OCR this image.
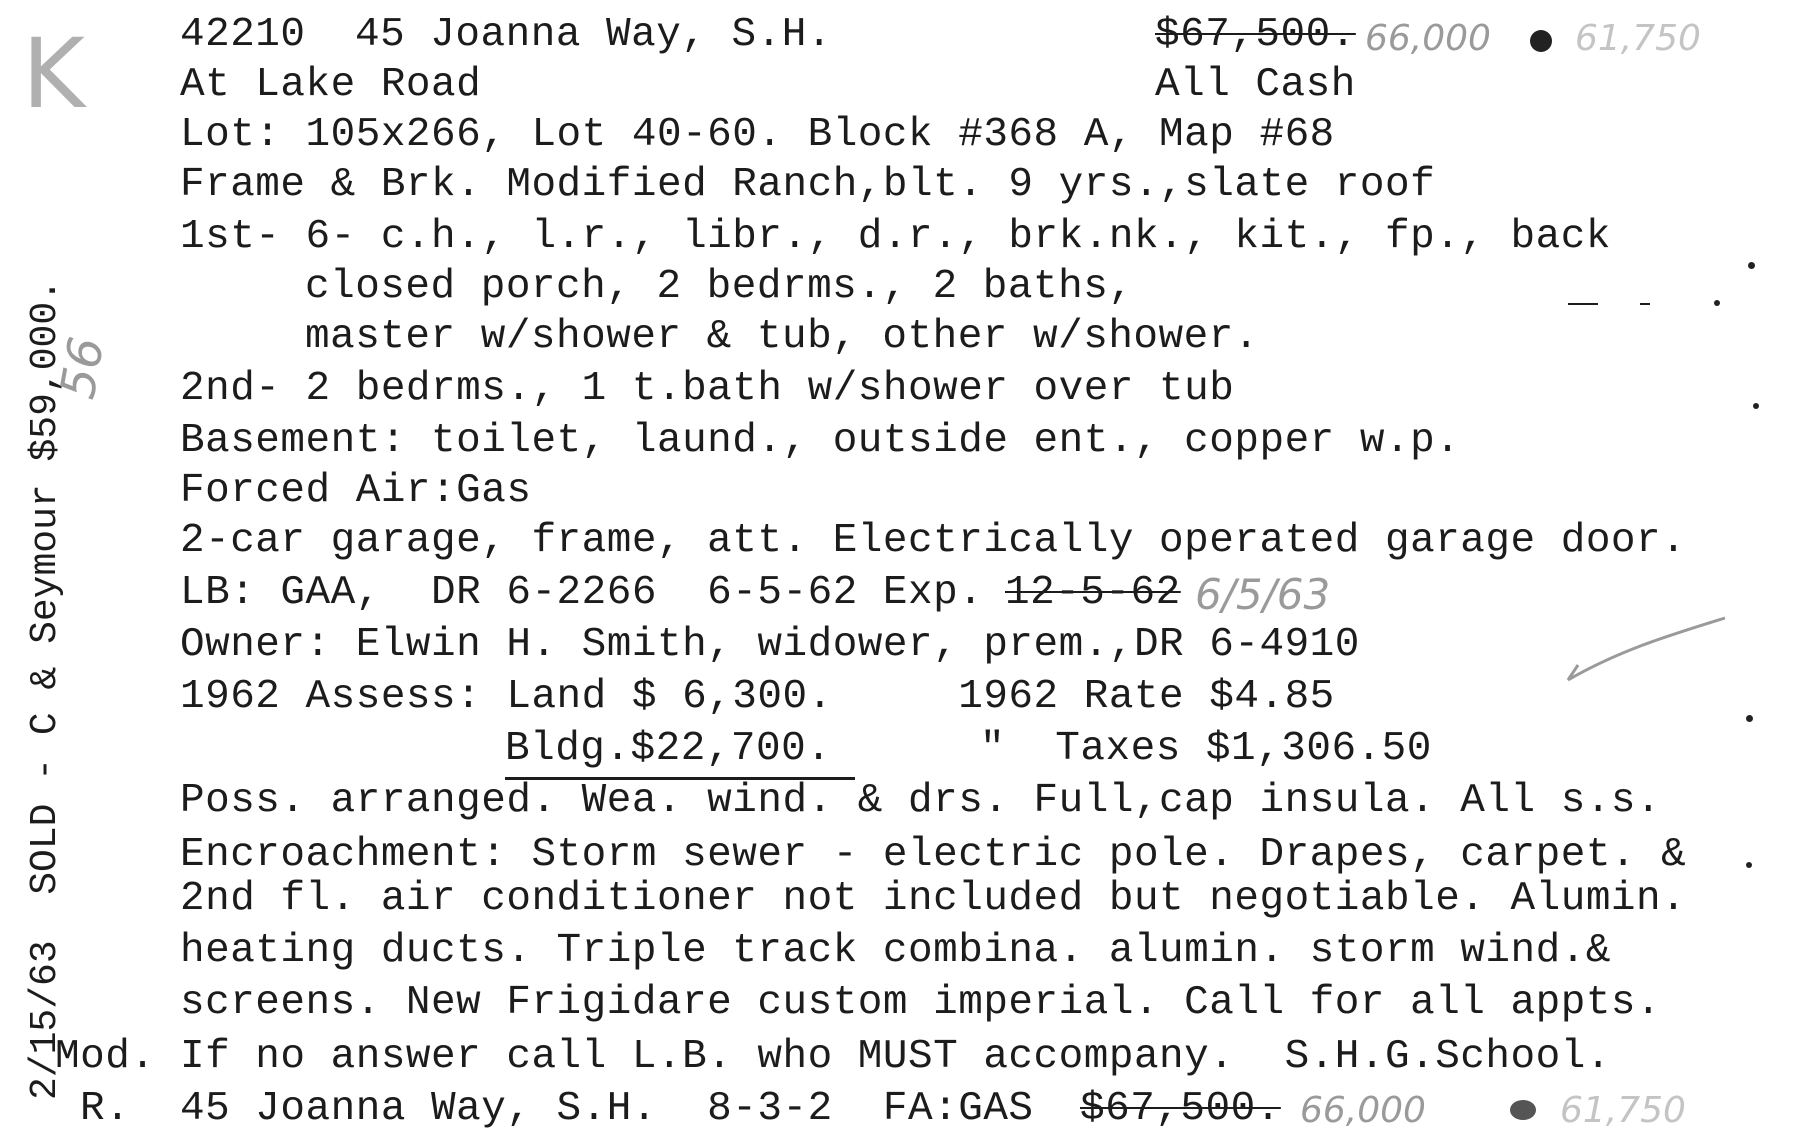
K
2/15/63  SOLD - C & Seymour $59,000.
56
42210 45 Joanna Way, S.H.	$67,500. 66,000 61,750
At Lake Road	All Cash
Lot: 105x266, Lot 40-60. Block #368 A, Map #68
Frame & Brk. Modified Ranch,blt. 9 yrs.,slate roof
1st- 6- c.h., l.r., libr., d.r., brk.nk., kit., fp., back
closed porch, 2 bedrms., 2 baths,
master w/shower & tub, other w/shower.
2nd- 2 bedrms., 1 t.bath w/shower over tub
Basement: toilet, laund., outside ent., copper w.p.
Forced Air:Gas
2-car garage, frame, att. Electrically operated garage door.
LB: GAA,  DR 6-2266  6-5-62 Exp.
12-5-62 6/5/63
Owner: Elwin H. Smith, widower, prem.,DR 6-4910
1962 Assess: Land $ 6,300.     1962 Rate $4.85
Bldg.$22,700.	"  Taxes $1,306.50
Poss. arranged. Wea. wind. & drs. Full,cap insula. All s.s.
Encroachment: Storm sewer - electric pole. Drapes, carpet. &
2nd fl. air conditioner not included but negotiable. Alumin.
heating ducts. Triple track combina. alumin. storm wind.&
screens. New Frigidare custom imperial. Call for all appts.
Mod. If no answer call L.B. who MUST accompany.  S.H.G.School.
R. 45 Joanna Way, S.H.  8-3-2  FA:GAS
$67,500. 66,000	61,750
